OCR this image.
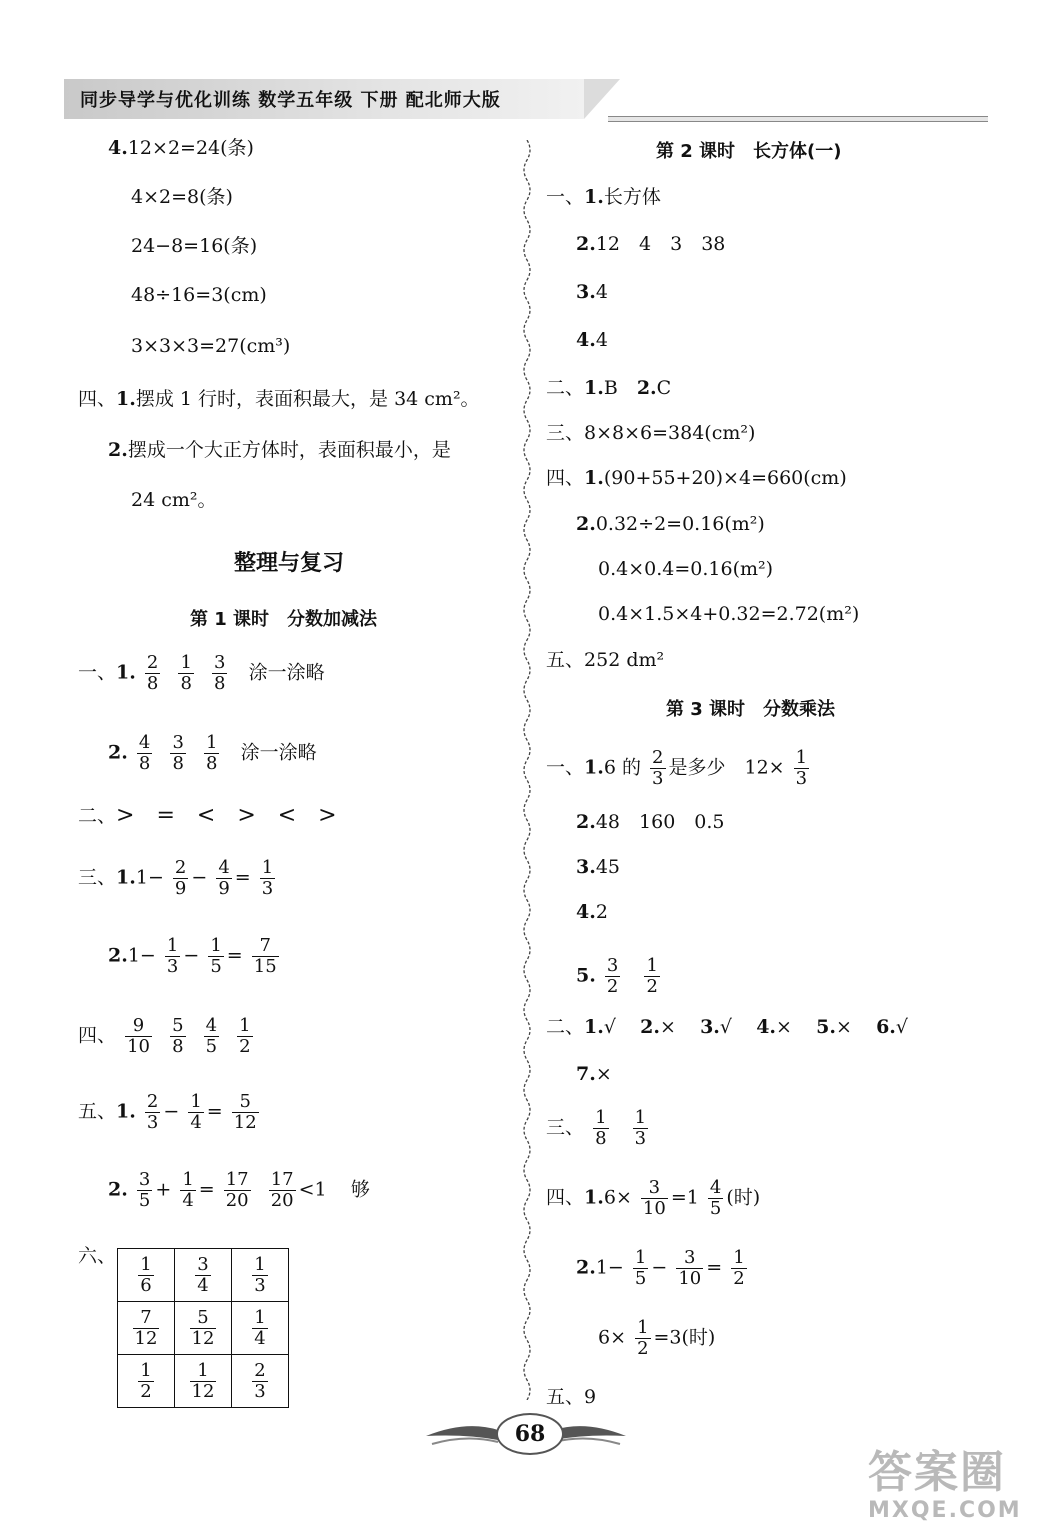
同步导学与优化训练 数学五年级 下册 配北师大版
4.12×2=24(条)
4×2=8(条)
24−8=16(条)
48÷16=3(cm)
3×3×3=27(cm³)
四、1.摆成 1 行时，表面积最大，是 34 cm²。
2.摆成一个大正方体时，表面积最小，是
24 cm²。
整理与复习
第 1 课时　分数加减法
一、1. $\frac{2}{8}$
$\frac{1}{8}$
$\frac{3}{8}$ 涂一涂略
2. $\frac{4}{8}$
$\frac{3}{8}$
$\frac{1}{8}$ 涂一涂略
二、>　=　<　>　<　>
三、$1.1- \frac{2}{9} - \frac{4}{9} = \frac{1}{3}$
$2.1- \frac{1}{3} - \frac{1}{5} = \frac{7}{15}$
四、 $\frac{9}{10}$
$\frac{5}{8}$
$\frac{4}{5}$
$\frac{1}{2}$
五、1. $\frac{2}{3} - \frac{1}{4} = \frac{5}{12}$
2. $\frac{3}{5} + \frac{1}{4} = \frac{17}{20}$
$\frac{17}{20} <1$ 够
六、 $\frac{1}{6}$	$\frac{3}{4}$	$\frac{1}{3}$

$\frac{7}{12}$	$\frac{5}{12}$	$\frac{1}{4}$

$\frac{1}{2}$	$\frac{1}{12}$	$\frac{2}{3}$
第 2 课时　长方体(一)
一、1.长方体
2.12　4　3　38
3.4
4.4
二、1.B　2.C
三、8×8×6=384(cm²)
四、1.(90+55+20)×4=660(cm)
2.0.32÷2=0.16(m²)
0.4×0.4=0.16(m²)
0.4×1.5×4+0.32=2.72(m²)
五、252 dm²
第 3 课时　分数乘法
一、1.6 的 $\frac{2}{3}$ 是多少　$12\times \frac{1}{3}$
2.48　160　0.5
3.45
4.2
5. $\frac{3}{2}$
$\frac{1}{2}$
二、1.√ 2.× 3.√ 4.× 5.× 6.√
7.×
三、 $\frac{1}{8}$
$\frac{1}{3}$
四、$1.6\times \frac{3}{10} =1 \frac{4}{5}$ (时)
$2.1- \frac{1}{5} - \frac{3}{10} = \frac{1}{2}$
$6\times \frac{1}{2} =3$(时)
五、9
68
答案圈
MXQE.COM
